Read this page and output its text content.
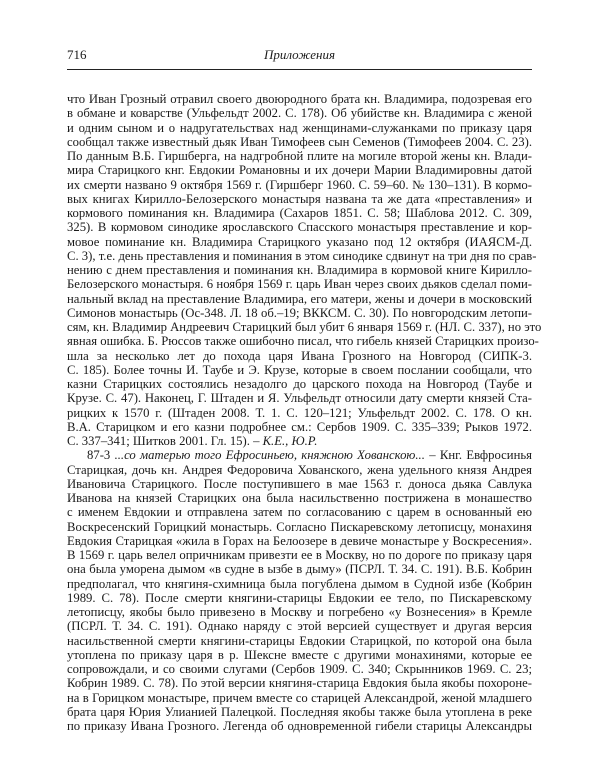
716	Приложения
что Иван Грозный отравил своего двоюродного брата кн. Владимира, подозревая его
в обмане и коварстве (Ульфельдт 2002. С. 178). Об убийстве кн. Владимира с женой
и одним сыном и о надругательствах над женщинами-служанками по приказу царя
сообщал также известный дьяк Иван Тимофеев сын Семенов (Тимофеев 2004. С. 23).
По данным В.Б. Гиршберга, на надгробной плите на могиле второй жены кн. Влади-
мира Старицкого кнг. Евдокии Романовны и их дочери Марии Владимировны датой
их смерти названо 9 октября 1569 г. (Гиршберг 1960. С. 59–60. № 130–131). В кормо-
вых книгах Кирилло-Белозерского монастыря названа та же дата «преставления» и
кормового поминания кн. Владимира (Сахаров 1851. С. 58; Шаблова 2012. С. 309,
325). В кормовом синодике ярославского Спасского монастыря преставление и кор-
мовое поминание кн. Владимира Старицкого указано под 12 октября (ИАЯСМ-Д.
С. 3), т.е. день преставления и поминания в этом синодике сдвинут на три дня по срав-
нению с днем преставления и поминания кн. Владимира в кормовой книге Кирилло-
Белозерского монастыря. 6 ноября 1569 г. царь Иван через своих дьяков сделал поми-
нальный вклад на преставление Владимира, его матери, жены и дочери в московский
Симонов монастырь (Ос-348. Л. 18 об.–19; ВККСМ. С. 30). По новгородским летопи-
сям, кн. Владимир Андреевич Старицкий был убит 6 января 1569 г. (НЛ. С. 337), но это
явная ошибка. Б. Рюссов также ошибочно писал, что гибель князей Старицких произо-
шла за несколько лет до похода царя Ивана Грозного на Новгород (СИПК-3.
С. 185). Более точны И. Таубе и Э. Крузе, которые в своем послании сообщали, что
казни Старицких состоялись незадолго до царского похода на Новгород (Таубе и
Крузе. С. 47). Наконец, Г. Штаден и Я. Ульфельдт относили дату смерти князей Ста-
рицких к 1570 г. (Штаден 2008. Т. 1. С. 120–121; Ульфельдт 2002. С. 178. О кн.
В.А. Старицком и его казни подробнее см.: Сербов 1909. С. 335–339; Рыков 1972.
С. 337–341; Шитков 2001. Гл. 15). – К.Е., Ю.Р.
87-3 ...со матерью того Ефросиньею, княжною Хованскою... – Кнг. Евфросинья
Старицкая, дочь кн. Андрея Федоровича Хованского, жена удельного князя Андрея
Ивановича Старицкого. После поступившего в мае 1563 г. доноса дьяка Савлука
Иванова на князей Старицких она была насильственно пострижена в монашество
с именем Евдокии и отправлена затем по согласованию с царем в основанный ею
Воскресенский Горицкий монастырь. Согласно Пискаревскому летописцу, монахиня
Евдокия Старицкая «жила в Горах на Белоозере в девиче монастыре у Воскресения».
В 1569 г. царь велел опричникам привезти ее в Москву, но по дороге по приказу царя
она была уморена дымом «в судне в ызбе в дыму» (ПСРЛ. Т. 34. С. 191). В.Б. Кобрин
предполагал, что княгиня-схимница была погублена дымом в Судной избе (Кобрин
1989. С. 78). После смерти княгини-старицы Евдокии ее тело, по Пискаревскому
летописцу, якобы было привезено в Москву и погребено «у Вознесения» в Кремле
(ПСРЛ. Т. 34. С. 191). Однако наряду с этой версией существует и другая версия
насильственной смерти княгини-старицы Евдокии Старицкой, по которой она была
утоплена по приказу царя в р. Шексне вместе с другими монахинями, которые ее
сопровождали, и со своими слугами (Сербов 1909. С. 340; Скрынников 1969. С. 23;
Кобрин 1989. С. 78). По этой версии княгиня-старица Евдокия была якобы похороне-
на в Горицком монастыре, причем вместе со старицей Александрой, женой младшего
брата царя Юрия Улианией Палецкой. Последняя якобы также была утоплена в реке
по приказу Ивана Грозного. Легенда об одновременной гибели старицы Александры
